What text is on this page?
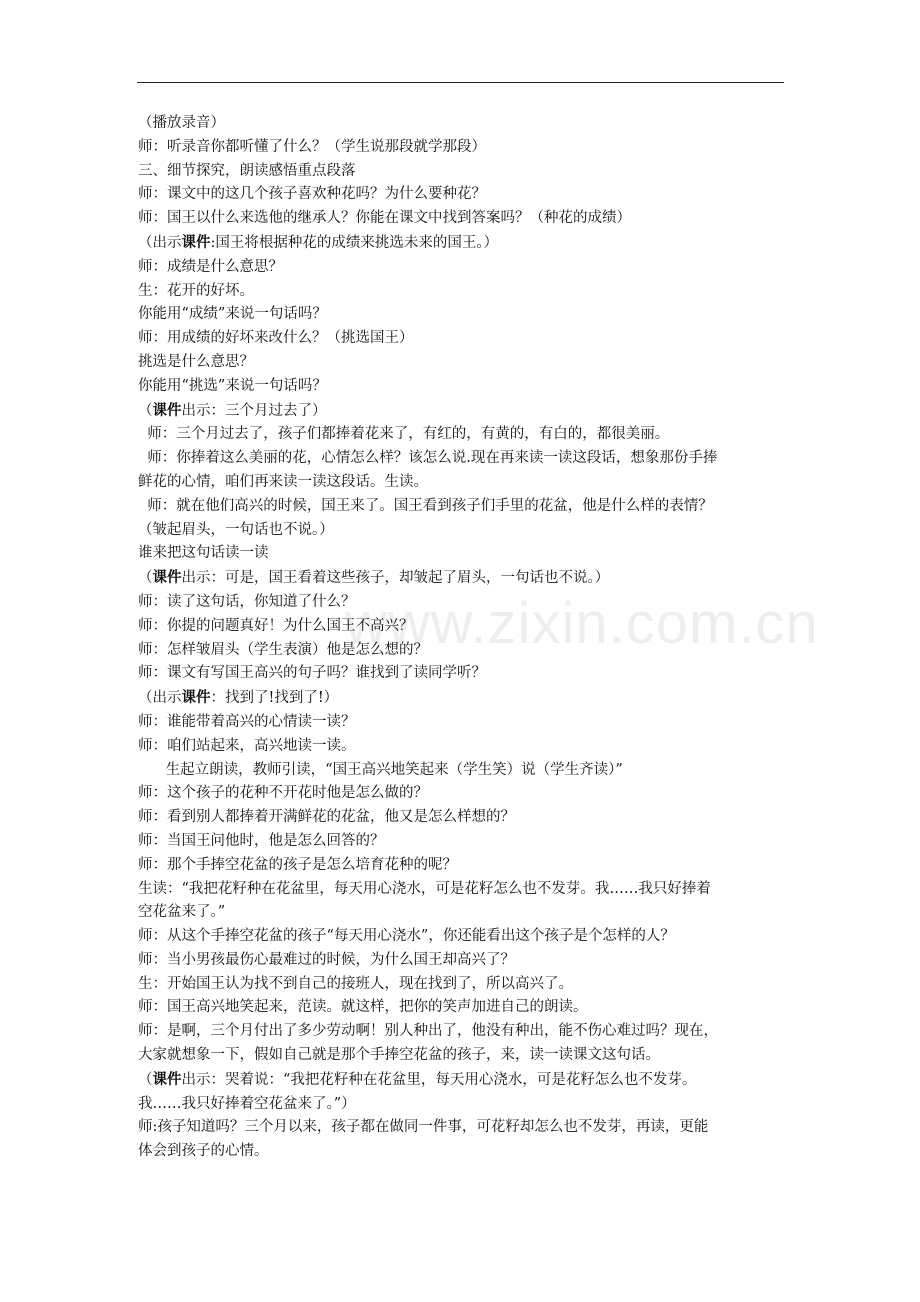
www.zixin.com.cn
（播放录音）
师：听录音你都听懂了什么？（学生说那段就学那段）
三、细节探究，朗读感悟重点段落
师：课文中的这几个孩子喜欢种花吗？为什么要种花？
师：国王以什么来选他的继承人？你能在课文中找到答案吗？（种花的成绩）
（出示课件:国王将根据种花的成绩来挑选未来的国王。）
师：成绩是什么意思？
生：花开的好坏。
你能用“成绩”来说一句话吗？
师：用成绩的好坏来改什么？（挑选国王）
挑选是什么意思？
你能用“挑选”来说一句话吗？
（课件出示：三个月过去了）
师：三个月过去了，孩子们都捧着花来了，有红的，有黄的，有白的，都很美丽。
师：你捧着这么美丽的花，心情怎么样？该怎么说.现在再来读一读这段话，想象那份手捧
鲜花的心情，咱们再来读一读这段话。生读。
师：就在他们高兴的时候，国王来了。国王看到孩子们手里的花盆，他是什么样的表情？
（皱起眉头，一句话也不说。）
谁来把这句话读一读
（课件出示：可是，国王看着这些孩子，却皱起了眉头，一句话也不说。）
师：读了这句话，你知道了什么？
师：你提的问题真好！为什么国王不高兴？
师：怎样皱眉头（学生表演）他是怎么想的？
师：课文有写国王高兴的句子吗？谁找到了读同学听？
（出示课件：找到了!找到了!）
师：谁能带着高兴的心情读一读？
师：咱们站起来，高兴地读一读。
生起立朗读，教师引读，“国王高兴地笑起来（学生笑）说（学生齐读）”
师：这个孩子的花种不开花时他是怎么做的？
师：看到别人都捧着开满鲜花的花盆，他又是怎么样想的？
师：当国王问他时，他是怎么回答的？
师：那个手捧空花盆的孩子是怎么培育花种的呢？
生读：“我把花籽种在花盆里，每天用心浇水，可是花籽怎么也不发芽。我……我只好捧着
空花盆来了。”
师：从这个手捧空花盆的孩子“每天用心浇水”，你还能看出这个孩子是个怎样的人？
师：当小男孩最伤心最难过的时候，为什么国王却高兴了？
生：开始国王认为找不到自己的接班人，现在找到了，所以高兴了。
师：国王高兴地笑起来，范读。就这样，把你的笑声加进自己的朗读。
师：是啊，三个月付出了多少劳动啊！别人种出了，他没有种出，能不伤心难过吗？现在，
大家就想象一下，假如自己就是那个手捧空花盆的孩子，来，读一读课文这句话。
（课件出示：哭着说：“我把花籽种在花盆里，每天用心浇水，可是花籽怎么也不发芽。
我……我只好捧着空花盆来了。”）
师:孩子知道吗？三个月以来，孩子都在做同一件事，可花籽却怎么也不发芽，再读，更能
体会到孩子的心情。
